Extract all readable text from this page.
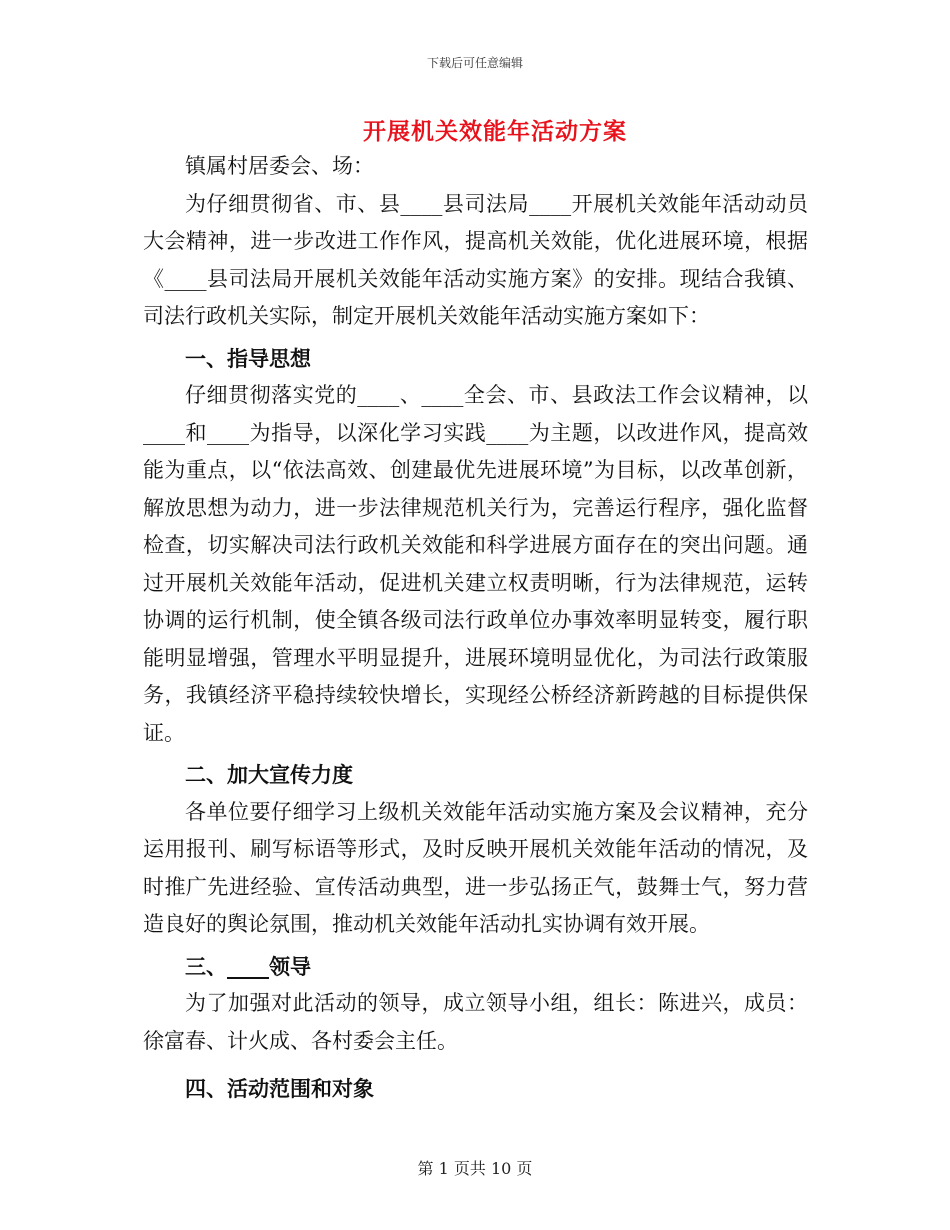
下载后可任意编辑
开展机关效能年活动方案

镇属村居委会、场：

为仔细贯彻省、市、县____县司法局____开展机关效能年活动动员大会精神，进一步改进工作作风，提高机关效能，优化进展环境，根据《____县司法局开展机关效能年活动实施方案》的安排。现结合我镇、司法行政机关实际，制定开展机关效能年活动实施方案如下：

一、指导思想

仔细贯彻落实党的____、____全会、市、县政法工作会议精神，以____和____为指导，以深化学习实践____为主题，以改进作风，提高效能为重点，以“依法高效、创建最优先进展环境”为目标，以改革创新，解放思想为动力，进一步法律规范机关行为，完善运行程序，强化监督检查，切实解决司法行政机关效能和科学进展方面存在的突出问题。通过开展机关效能年活动，促进机关建立权责明晰，行为法律规范，运转协调的运行机制，使全镇各级司法行政单位办事效率明显转变，履行职能明显增强，管理水平明显提升，进展环境明显优化，为司法行政策服务，我镇经济平稳持续较快增长，实现经公桥经济新跨越的目标提供保证。

二、加大宣传力度

各单位要仔细学习上级机关效能年活动实施方案及会议精神，充分运用报刊、刷写标语等形式，及时反映开展机关效能年活动的情况，及时推广先进经验、宣传活动典型，进一步弘扬正气，鼓舞士气，努力营造良好的舆论氛围，推动机关效能年活动扎实协调有效开展。

三、____领导

为了加强对此活动的领导，成立领导小组，组长：陈进兴，成员：徐富春、计火成、各村委会主任。

四、活动范围和对象

第 1 页共 10 页
